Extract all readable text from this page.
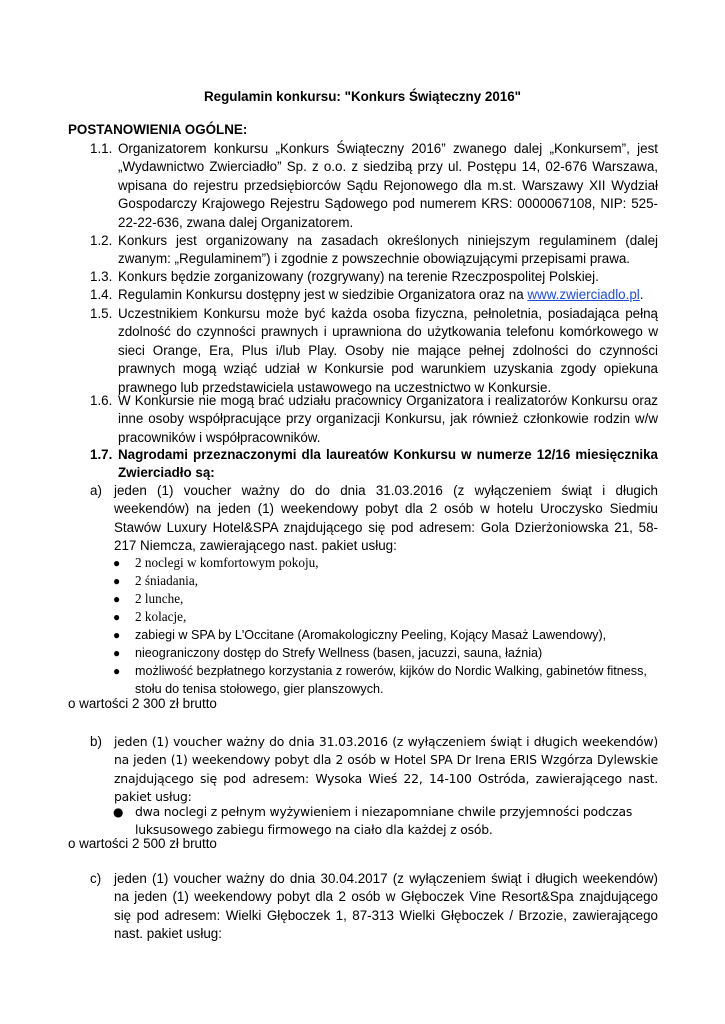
Regulamin konkursu: "Konkurs Świąteczny 2016"
POSTANOWIENIA OGÓLNE:
1.1. Organizatorem konkursu „Konkurs Świąteczny 2016” zwanego dalej „Konkursem”, jest „Wydawnictwo Zwierciadło” Sp. z o.o. z siedzibą przy ul. Postępu 14, 02-676 Warszawa, wpisana do rejestru przedsiębiorców Sądu Rejonowego dla m.st. Warszawy XII Wydział Gospodarczy Krajowego Rejestru Sądowego pod numerem KRS: 0000067108, NIP: 525-22-22-636, zwana dalej Organizatorem.
1.2. Konkurs jest organizowany na zasadach określonych niniejszym regulaminem (dalej zwanym: „Regulaminem”) i zgodnie z powszechnie obowiązującymi przepisami prawa.
1.3. Konkurs będzie zorganizowany (rozgrywany) na terenie Rzeczpospolitej Polskiej.
1.4. Regulamin Konkursu dostępny jest w siedzibie Organizatora oraz na www.zwierciadlo.pl.
1.5. Uczestnikiem Konkursu może być każda osoba fizyczna, pełnoletnia, posiadająca pełną zdolność do czynności prawnych i uprawniona do użytkowania telefonu komórkowego w sieci Orange, Era, Plus i/lub Play. Osoby nie mające pełnej zdolności do czynności prawnych mogą wziąć udział w Konkursie pod warunkiem uzyskania zgody opiekuna prawnego lub przedstawiciela ustawowego na uczestnictwo w Konkursie.
1.6. W Konkursie nie mogą brać udziału pracownicy Organizatora i realizatorów Konkursu oraz inne osoby współpracujące przy organizacji Konkursu, jak również członkowie rodzin w/w pracowników i współpracowników.
1.7. Nagrodami przeznaczonymi dla laureatów Konkursu w numerze 12/16 miesięcznika Zwierciadło są:
a) jeden (1) voucher ważny do do dnia 31.03.2016 (z wyłączeniem świąt i długich weekendów) na jeden (1) weekendowy pobyt dla 2 osób w hotelu Uroczysko Siedmiu Stawów Luxury Hotel&SPA znajdującego się pod adresem: Gola Dzierżoniowska 21, 58-217 Niemcza, zawierającego nast. pakiet usług:
●	2 noclegi w komfortowym pokoju,
●	2 śniadania,
●	2 lunche,
●	2 kolacje,
●	zabiegi w SPA by L'Occitane (Aromakologiczny Peeling, Kojący Masaż Lawendowy),
●	nieograniczony dostęp do Strefy Wellness (basen, jacuzzi, sauna, łaźnia)
●	możliwość bezpłatnego korzystania z rowerów, kijków do Nordic Walking, gabinetów fitness, stołu do tenisa stołowego, gier planszowych.
o wartości 2 300 zł brutto
b) jeden (1) voucher ważny do dnia 31.03.2016 (z wyłączeniem świąt i długich weekendów) na jeden (1) weekendowy pobyt dla 2 osób w Hotel SPA Dr Irena ERIS Wzgórza Dylewskie znajdującego się pod adresem: Wysoka Wieś 22, 14-100 Ostróda, zawierającego nast. pakiet usług:
● dwa noclegi z pełnym wyżywieniem i niezapomniane chwile przyjemności podczas luksusowego zabiegu firmowego na ciało dla każdej z osób.
o wartości 2 500 zł brutto
c) jeden (1) voucher ważny do dnia 30.04.2017 (z wyłączeniem świąt i długich weekendów) na jeden (1) weekendowy pobyt dla 2 osób w Głęboczek Vine Resort&Spa znajdującego się pod adresem: Wielki Głęboczek 1, 87-313 Wielki Głęboczek / Brzozie, zawierającego nast. pakiet usług:
